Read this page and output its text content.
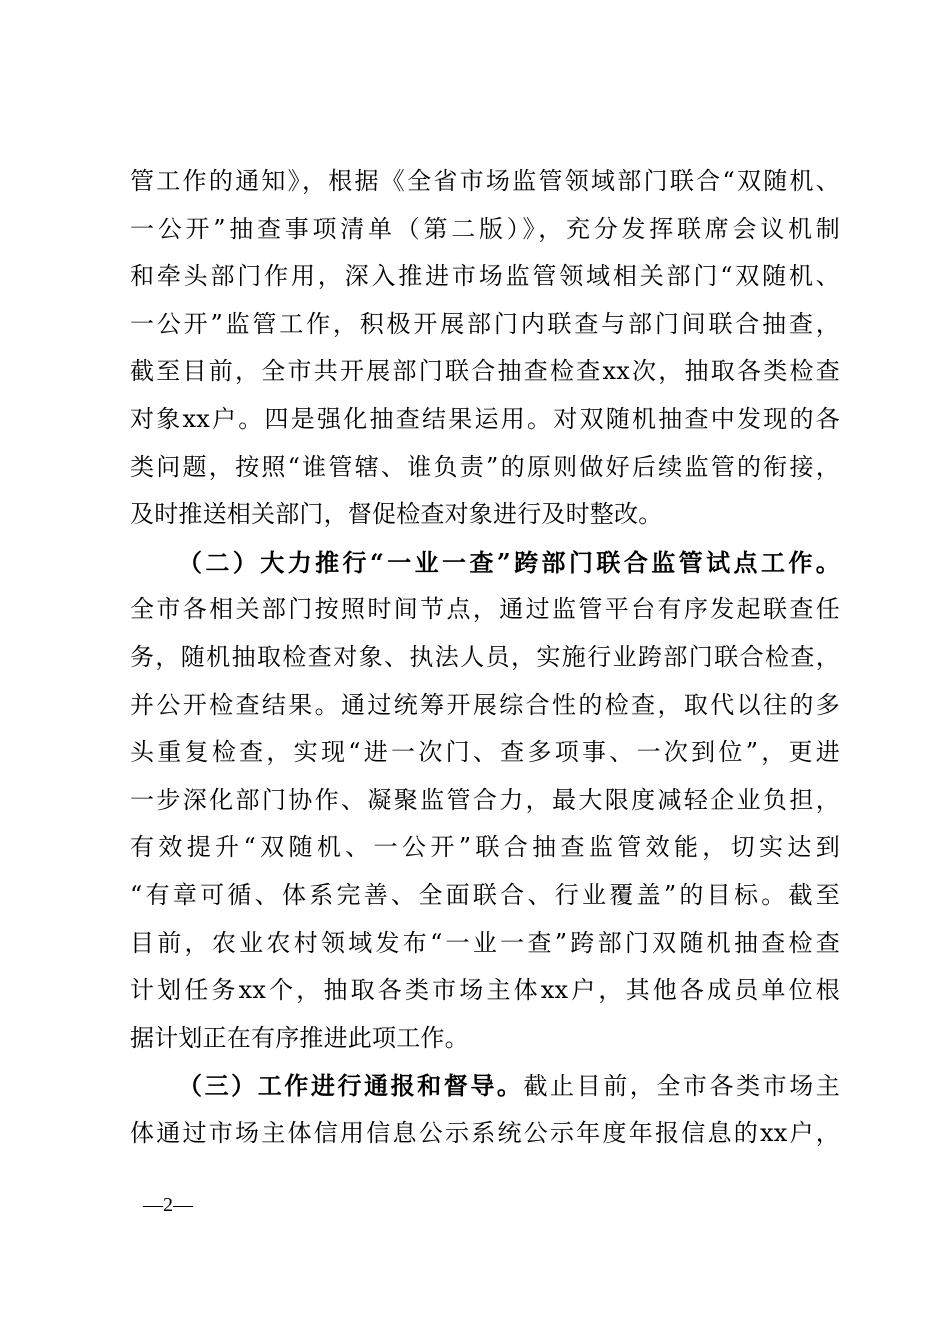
管工作的通知》，根据《全省市场监管领域部门联合“双随机、
一公开”抽查事项清单（第二版）》，充分发挥联席会议机制
和牵头部门作用，深入推进市场监管领域相关部门“双随机、
一公开”监管工作，积极开展部门内联查与部门间联合抽查，
截至目前，全市共开展部门联合抽查检查xx次，抽取各类检查
对象xx户。四是强化抽查结果运用。对双随机抽查中发现的各
类问题，按照“谁管辖、谁负责”的原则做好后续监管的衔接，
及时推送相关部门，督促检查对象进行及时整改。
（二）大力推行“一业一查”跨部门联合监管试点工作。
全市各相关部门按照时间节点，通过监管平台有序发起联查任
务，随机抽取检查对象、执法人员，实施行业跨部门联合检查，
并公开检查结果。通过统筹开展综合性的检查，取代以往的多
头重复检查，实现“进一次门、查多项事、一次到位”，更进
一步深化部门协作、凝聚监管合力，最大限度减轻企业负担，
有效提升“双随机、一公开”联合抽查监管效能，切实达到
“有章可循、体系完善、全面联合、行业覆盖”的目标。截至
目前，农业农村领域发布“一业一查”跨部门双随机抽查检查
计划任务xx个，抽取各类市场主体xx户，其他各成员单位根
据计划正在有序推进此项工作。
（三）工作进行通报和督导。截止目前，全市各类市场主
体通过市场主体信用信息公示系统公示年度年报信息的xx户，
—2—
